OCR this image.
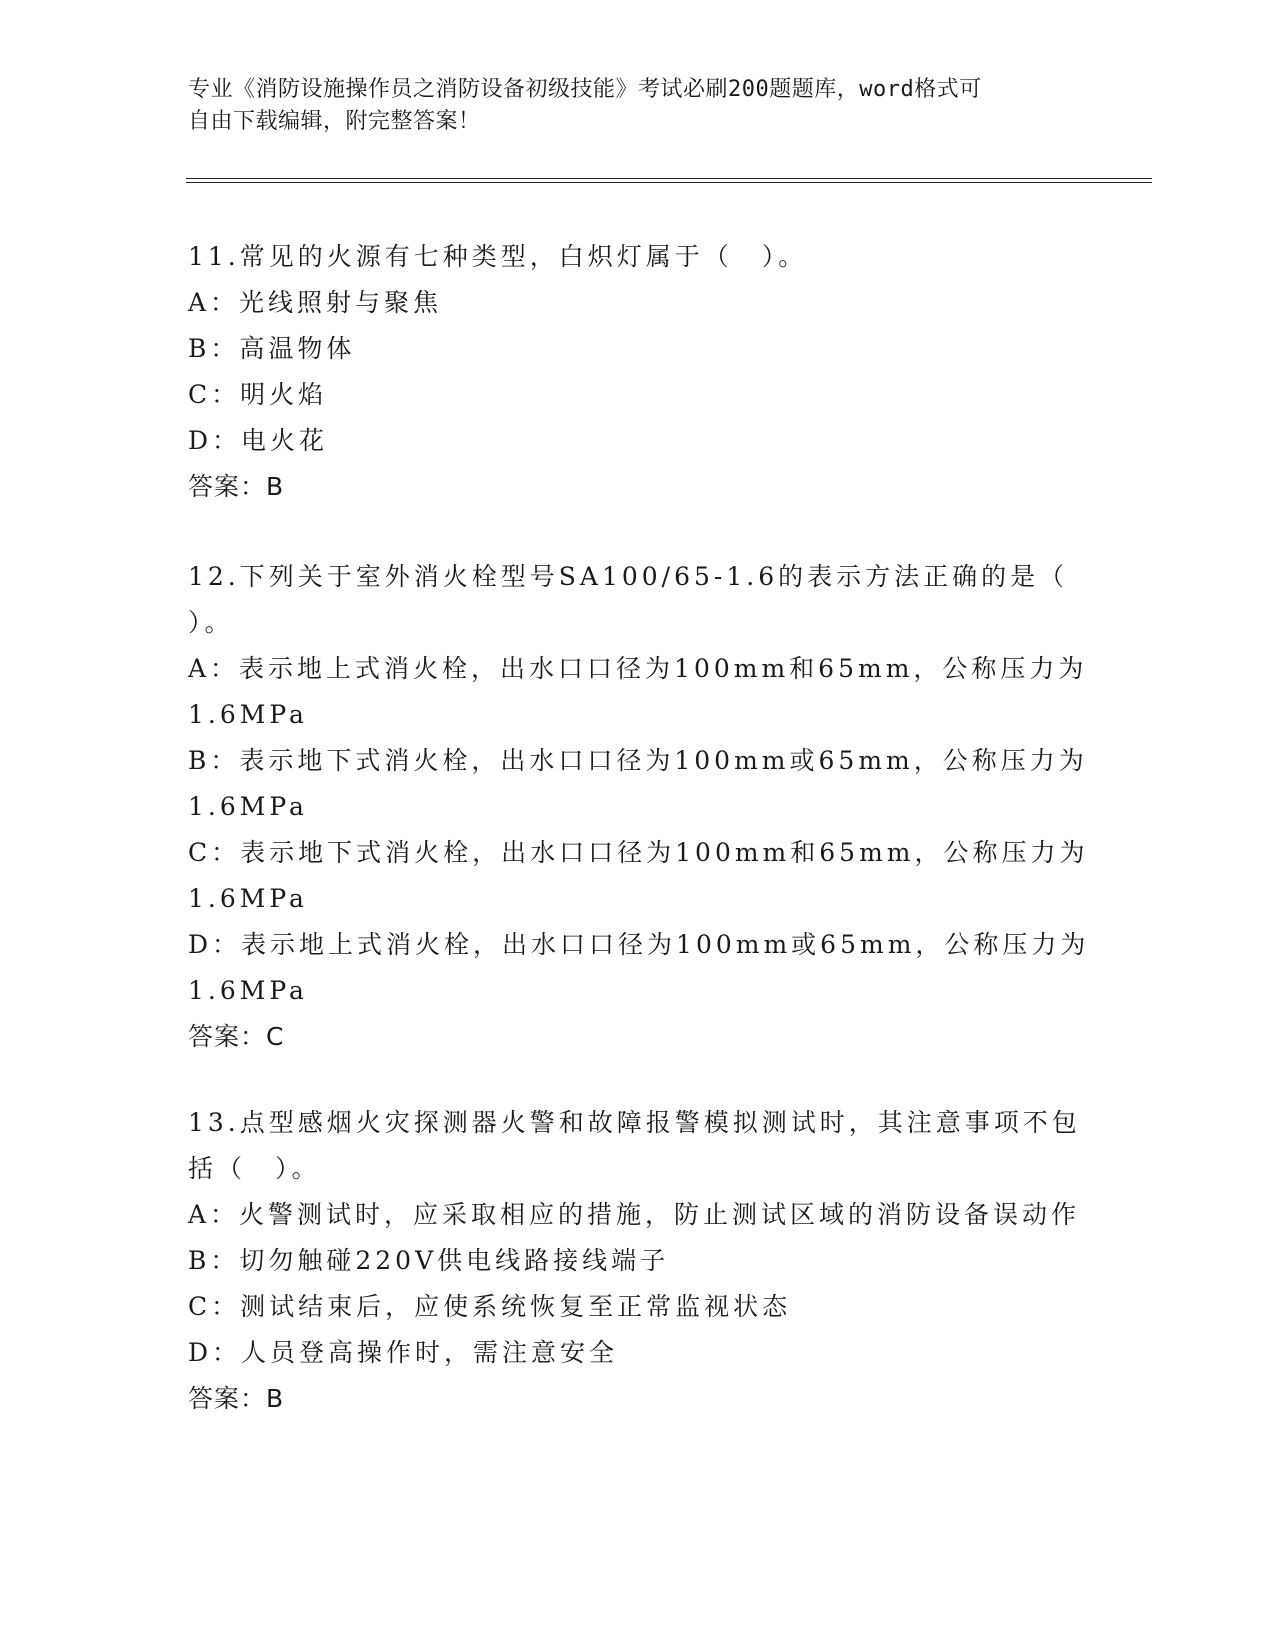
专业《消防设施操作员之消防设备初级技能》考试必刷200题题库，word格式可
自由下载编辑，附完整答案！
11.常见的火源有七种类型，白炽灯属于（　）。
A：光线照射与聚焦
B：高温物体
C：明火焰
D：电火花
答案：B
12.下列关于室外消火栓型号SA100/65-1.6的表示方法正确的是（
）。
A：表示地上式消火栓，出水口口径为100mm和65mm，公称压力为
1.6MPa
B：表示地下式消火栓，出水口口径为100mm或65mm，公称压力为
1.6MPa
C：表示地下式消火栓，出水口口径为100mm和65mm，公称压力为
1.6MPa
D：表示地上式消火栓，出水口口径为100mm或65mm，公称压力为
1.6MPa
答案：C
13.点型感烟火灾探测器火警和故障报警模拟测试时，其注意事项不包
括（　）。
A：火警测试时，应采取相应的措施，防止测试区域的消防设备误动作
B：切勿触碰220V供电线路接线端子
C：测试结束后，应使系统恢复至正常监视状态
D：人员登高操作时，需注意安全
答案：B
